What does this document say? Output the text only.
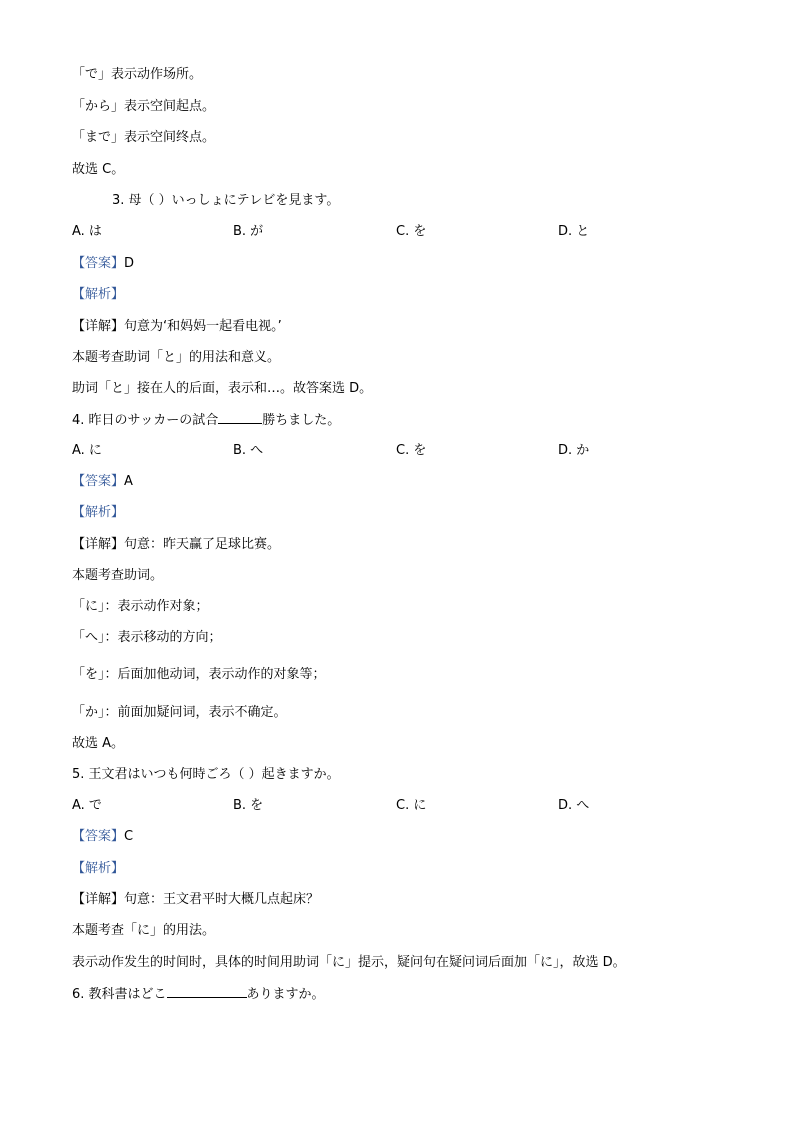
「で」表示动作场所。
「から」表示空间起点。
「まで」表示空间终点。
故选 C。
3. 母（ ）いっしょにテレビを見ます。
A. は	B. が	C. を	D. と
【答案】D
【解析】
【详解】句意为‘和妈妈一起看电视。’
本题考查助词「と」的用法和意义。
助词「と」接在人的后面，表示和…。故答案选 D。
4. 昨日のサッカーの試合	勝ちました。
A. に	B. へ	C. を	D. か
【答案】A
【解析】
【详解】句意：昨天赢了足球比赛。
本题考查助词。
「に」：表示动作对象；
「へ」：表示移动的方向；
「を」：后面加他动词，表示动作的对象等；
「か」：前面加疑问词，表示不确定。
故选 A。
5. 王文君はいつも何時ごろ（ ）起きますか。
A. で	B. を	C. に	D. へ
【答案】C
【解析】
【详解】句意：王文君平时大概几点起床？
本题考查「に」的用法。
表示动作发生的时间时，具体的时间用助词「に」提示，疑问句在疑问词后面加「に」，故选 D。
6. 教科書はどこ	ありますか。
